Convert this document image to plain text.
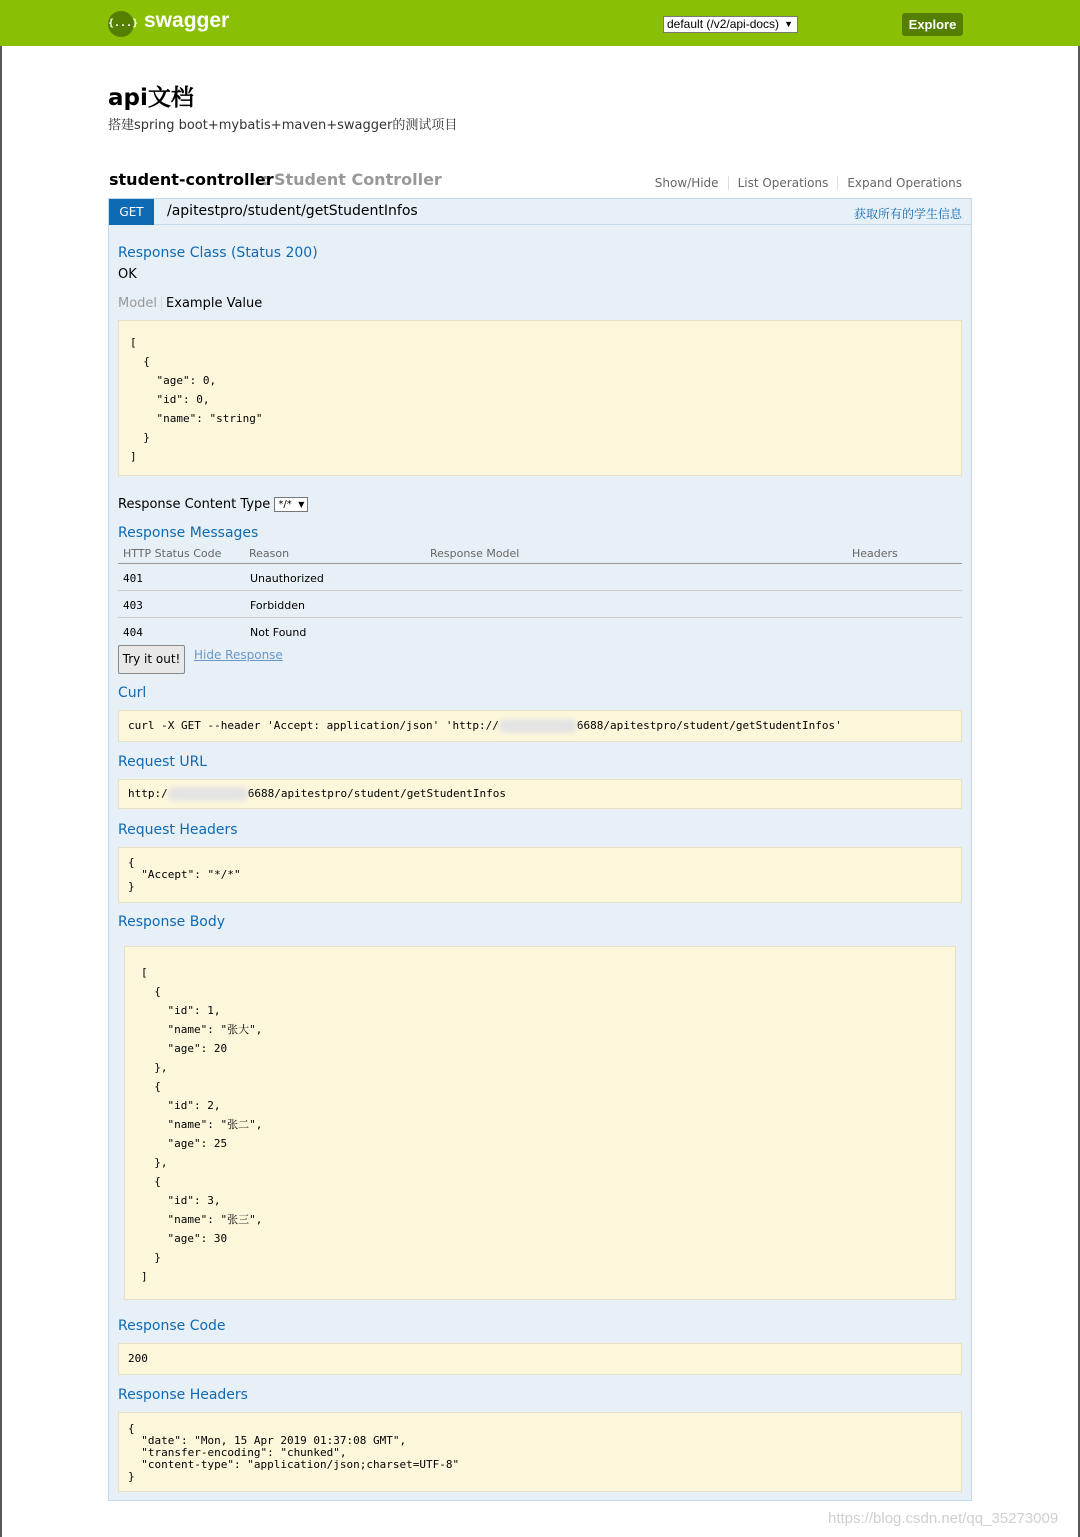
{...} swagger	default (/v2/api-docs) ▼	Explore
api文档
搭建spring boot+mybatis+maven+swagger的测试项目
student-controller
: Student Controller	Show/Hide	List Operations	Expand Operations
GET	/apitestpro/student/getStudentInfos	获取所有的学生信息
Response Class (Status 200)
OK
Model Example Value
[
{
"age": 0,
"id": 0,
"name": "string"
}
]
Response Content Type */* ▼
Response Messages
HTTP Status Code	Reason	Response Model	Headers
401	Unauthorized
403	Forbidden
404	Not Found
Try it out!	Hide Response
Curl
curl -X GET --header 'Accept: application/json' 'http://	6688/apitestpro/student/getStudentInfos'
Request URL
http:/	6688/apitestpro/student/getStudentInfos
Request Headers
{
"Accept": "*/*"
}
Response Body
[
{
"id": 1,
"name": "张大",
"age": 20
},
{
"id": 2,
"name": "张二",
"age": 25
},
{
"id": 3,
"name": "张三",
"age": 30
}
]
Response Code
200
Response Headers
{
"date": "Mon, 15 Apr 2019 01:37:08 GMT",
"transfer-encoding": "chunked",
"content-type": "application/json;charset=UTF-8"
}
https://blog.csdn.net/qq_35273009
